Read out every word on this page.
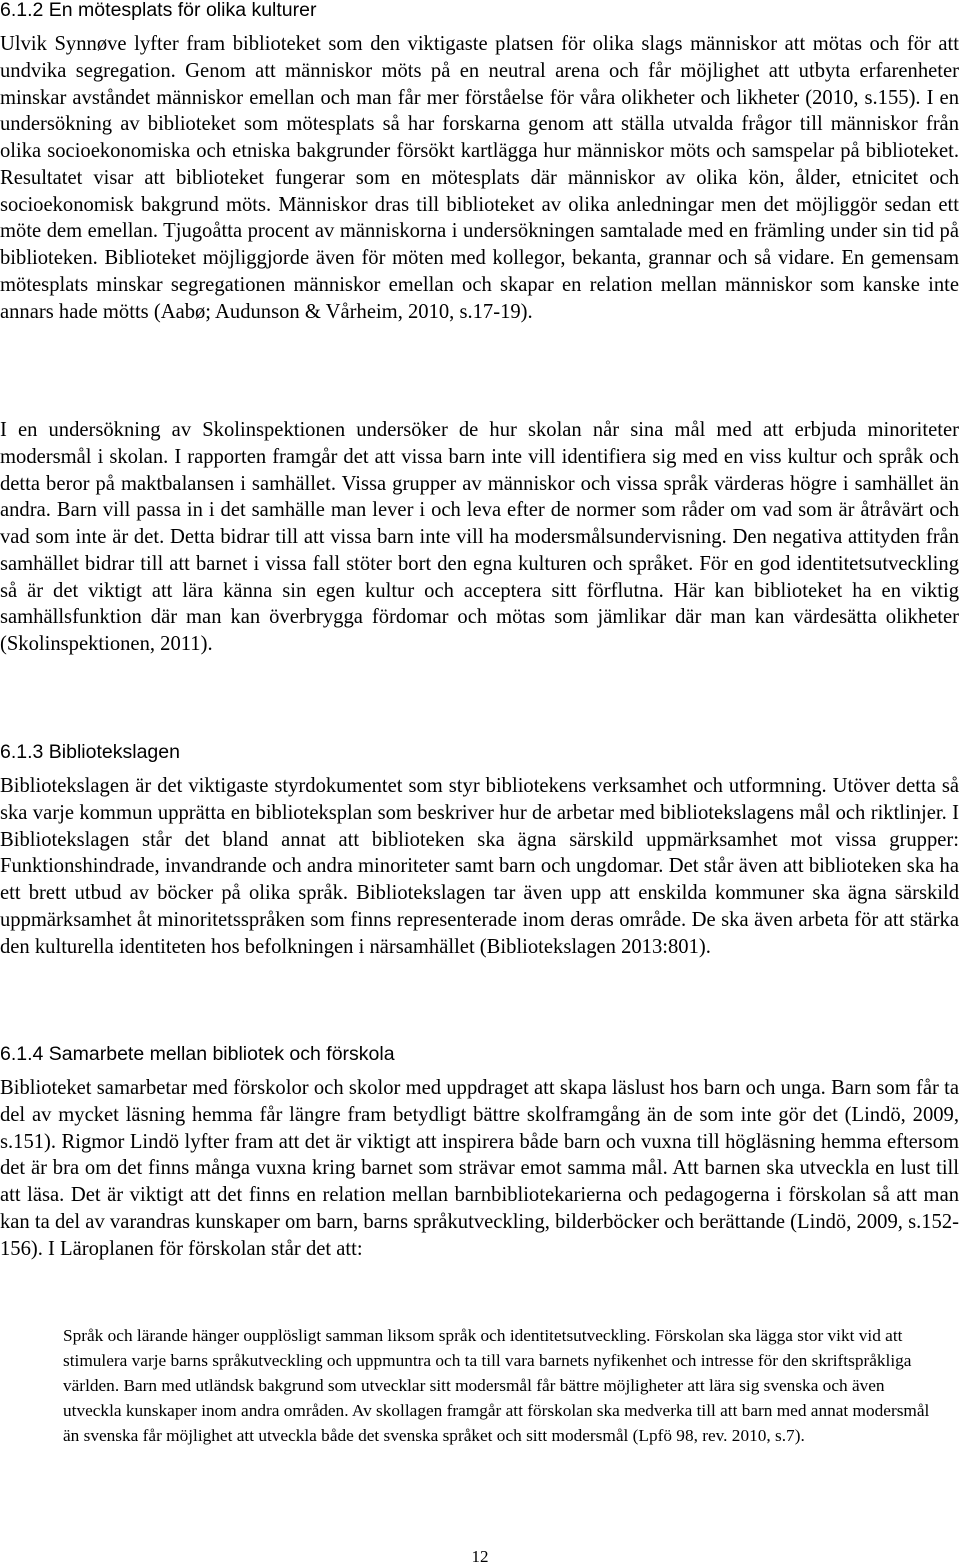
6.1.2 En mötesplats för olika kulturer

Ulvik Synnøve lyfter fram biblioteket som den viktigaste platsen för olika slags människor att mötas och för att undvika segregation. Genom att människor möts på en neutral arena och får möjlighet att utbyta erfarenheter minskar avståndet människor emellan och man får mer förståelse för våra olikheter och likheter (2010, s.155). I en undersökning av biblioteket som mötesplats så har forskarna genom att ställa utvalda frågor till människor från olika socioekonomiska och etniska bakgrunder försökt kartlägga hur människor möts och samspelar på biblioteket. Resultatet visar att biblioteket fungerar som en mötesplats där människor av olika kön, ålder, etnicitet och socioekonomisk bakgrund möts. Människor dras till biblioteket av olika anledningar men det möjliggör sedan ett möte dem emellan. Tjugoåtta procent av människorna i undersökningen samtalade med en främling under sin tid på biblioteken. Biblioteket möjliggjorde även för möten med kollegor, bekanta, grannar och så vidare. En gemensam mötesplats minskar segregationen människor emellan och skapar en relation mellan människor som kanske inte annars hade mötts (Aabø; Audunson & Vårheim, 2010, s.17-19).

I en undersökning av Skolinspektionen undersöker de hur skolan når sina mål med att erbjuda minoriteter modersmål i skolan. I rapporten framgår det att vissa barn inte vill identifiera sig med en viss kultur och språk och detta beror på maktbalansen i samhället. Vissa grupper av människor och vissa språk värderas högre i samhället än andra. Barn vill passa in i det samhälle man lever i och leva efter de normer som råder om vad som är åtråvärt och vad som inte är det. Detta bidrar till att vissa barn inte vill ha modersmålsundervisning. Den negativa attityden från samhället bidrar till att barnet i vissa fall stöter bort den egna kulturen och språket. För en god identitetsutveckling så är det viktigt att lära känna sin egen kultur och acceptera sitt förflutna. Här kan biblioteket ha en viktig samhällsfunktion där man kan överbrygga fördomar och mötas som jämlikar där man kan värdesätta olikheter (Skolinspektionen, 2011).

6.1.3 Bibliotekslagen

Bibliotekslagen är det viktigaste styrdokumentet som styr bibliotekens verksamhet och utformning. Utöver detta så ska varje kommun upprätta en biblioteksplan som beskriver hur de arbetar med bibliotekslagens mål och riktlinjer. I Bibliotekslagen står det bland annat att biblioteken ska ägna särskild uppmärksamhet mot vissa grupper: Funktionshindrade, invandrande och andra minoriteter samt barn och ungdomar. Det står även att biblioteken ska ha ett brett utbud av böcker på olika språk. Bibliotekslagen tar även upp att enskilda kommuner ska ägna särskild uppmärksamhet åt minoritetsspråken som finns representerade inom deras område. De ska även arbeta för att stärka den kulturella identiteten hos befolkningen i närsamhället (Bibliotekslagen 2013:801).

6.1.4 Samarbete mellan bibliotek och förskola

Biblioteket samarbetar med förskolor och skolor med uppdraget att skapa läslust hos barn och unga. Barn som får ta del av mycket läsning hemma får längre fram betydligt bättre skolframgång än de som inte gör det (Lindö, 2009, s.151). Rigmor Lindö lyfter fram att det är viktigt att inspirera både barn och vuxna till högläsning hemma eftersom det är bra om det finns många vuxna kring barnet som strävar emot samma mål. Att barnen ska utveckla en lust till att läsa. Det är viktigt att det finns en relation mellan barnbibliotekarierna och pedagogerna i förskolan så att man kan ta del av varandras kunskaper om barn, barns språkutveckling, bilderböcker och berättande (Lindö, 2009, s.152-156). I Läroplanen för förskolan står det att:

Språk och lärande hänger oupplösligt samman liksom språk och identitetsutveckling. Förskolan ska lägga stor vikt vid att stimulera varje barns språkutveckling och uppmuntra och ta till vara barnets nyfikenhet och intresse för den skriftspråkliga världen. Barn med utländsk bakgrund som utvecklar sitt modersmål får bättre möjligheter att lära sig svenska och även utveckla kunskaper inom andra områden. Av skollagen framgår att förskolan ska medverka till att barn med annat modersmål än svenska får möjlighet att utveckla både det svenska språket och sitt modersmål (Lpfö 98, rev. 2010, s.7).

12
